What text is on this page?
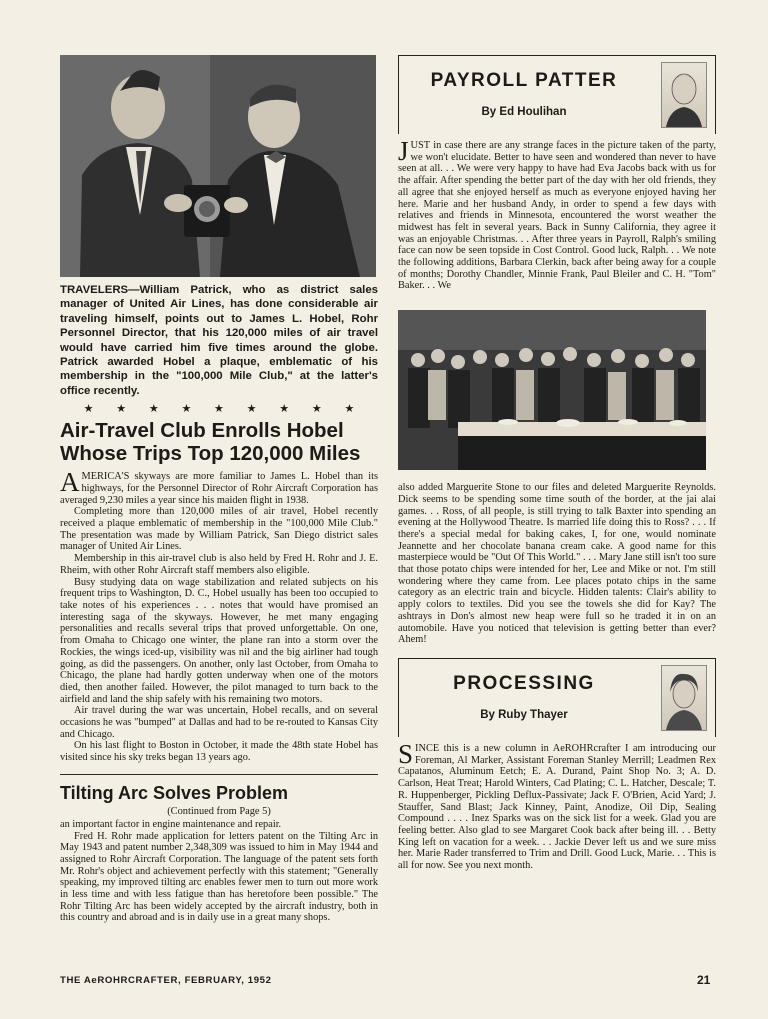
TRAVELERS—William Patrick, who as district sales manager of United Air Lines, has done considerable air traveling himself, points out to James L. Hobel, Rohr Personnel Director, that his 120,000 miles of air travel would have carried him five times around the globe. Patrick awarded Hobel a plaque, emblematic of his membership in the "100,000 Mile Club," at the latter's office recently.
★ ★ ★ ★ ★ ★ ★ ★ ★
Air-Travel Club Enrolls Hobel Whose Trips Top 120,000 Miles

AMERICA'S skyways are more familiar to James L. Hobel than its highways, for the Personnel Director of Rohr Aircraft Corporation has averaged 9,230 miles a year since his maiden flight in 1938.

Completing more than 120,000 miles of air travel, Hobel recently received a plaque emblematic of membership in the "100,000 Mile Club." The presentation was made by William Patrick, San Diego district sales manager of United Air Lines.

Membership in this air-travel club is also held by Fred H. Rohr and J. E. Rheim, with other Rohr Aircraft staff members also eligible.

Busy studying data on wage stabilization and related subjects on his frequent trips to Washington, D. C., Hobel usually has been too occupied to take notes of his experiences . . . notes that would have promised an interesting saga of the skyways. However, he met many engaging personalities and recalls several trips that proved unforgettable. On one, from Omaha to Chicago one winter, the plane ran into a storm over the Rockies, the wings iced-up, visibility was nil and the big airliner had tough going, as did the passengers. On another, only last October, from Omaha to Chicago, the plane had hardly gotten underway when one of the motors died, then another failed. However, the pilot managed to turn back to the airfield and land the ship safely with his remaining two motors.

Air travel during the war was uncertain, Hobel recalls, and on several occasions he was "bumped" at Dallas and had to be re-routed to Kansas City and Chicago.

On his last flight to Boston in October, it made the 48th state Hobel has visited since his sky treks began 13 years ago.

Tilting Arc Solves Problem
(Continued from Page 5)

an important factor in engine maintenance and repair.

Fred H. Rohr made application for letters patent on the Tilting Arc in May 1943 and patent number 2,348,309 was issued to him in May 1944 and assigned to Rohr Aircraft Corporation. The language of the patent sets forth Mr. Rohr's object and achievement perfectly with this statement; "Generally speaking, my improved tilting arc enables fewer men to turn out more work in less time and with less fatigue than has heretofore been possible." The Rohr Tilting Arc has been widely accepted by the aircraft industry, both in this country and abroad and is in daily use in a great many shops.

PAYROLL PATTER
By Ed Houlihan

JUST in case there are any strange faces in the picture taken of the party, we won't elucidate. Better to have seen and wondered than never to have seen at all. . . We were very happy to have had Eva Jacobs back with us for the affair. After spending the better part of the day with her old friends, they all agree that she enjoyed herself as much as everyone enjoyed having her here. Marie and her husband Andy, in order to spend a few days with relatives and friends in Minnesota, encountered the worst weather the midwest has felt in several years. Back in Sunny California, they agree it was an enjoyable Christmas. . . After three years in Payroll, Ralph's smiling face can now be seen topside in Cost Control. Good luck, Ralph. . . We note the following additions, Barbara Clerkin, back after being away for a couple of months; Dorothy Chandler, Minnie Frank, Paul Bleiler and C. H. "Tom" Baker. . . We

also added Marguerite Stone to our files and deleted Marguerite Reynolds. Dick seems to be spending some time south of the border, at the jai alai games. . . Ross, of all people, is still trying to talk Baxter into spending an evening at the Hollywood Theatre. Is married life doing this to Ross? . . . If there's a special medal for baking cakes, I, for one, would nominate Jeannette and her chocolate banana cream cake. A good name for this masterpiece would be "Out Of This World." . . . Mary Jane still isn't too sure that those potato chips were intended for her, Lee and Mike or not. I'm still wondering where they came from. Lee places potato chips in the same category as an electric train and bicycle. Hidden talents: Clair's ability to apply colors to textiles. Did you see the towels she did for Kay? The ashtrays in Don's almost new heap were full so he traded it in on an automobile. Have you noticed that television is getting better than ever? Ahem!

PROCESSING
By Ruby Thayer

SINCE this is a new column in AeROHRcrafter I am introducing our Foreman, Al Marker, Assistant Foreman Stanley Merrill; Leadmen Rex Capatanos, Aluminum Eetch; E. A. Durand, Paint Shop No. 3; A. D. Carlson, Heat Treat; Harold Winters, Cad Plating; C. L. Hatcher, Descale; T. R. Huppenberger, Pickling Deflux-Passivate; Jack F. O'Brien, Acid Yard; J. Stauffer, Sand Blast; Jack Kinney, Paint, Anodize, Oil Dip, Sealing Compound . . . . Inez Sparks was on the sick list for a week. Glad you are feeling better. Also glad to see Margaret Cook back after being ill. . . Betty King left on vacation for a week. . . Jackie Dever left us and we sure miss her. Marie Rader transferred to Trim and Drill. Good Luck, Marie. . . This is all for now. See you next month.

THE AeROHRCRAFTER, FEBRUARY, 1952	21
